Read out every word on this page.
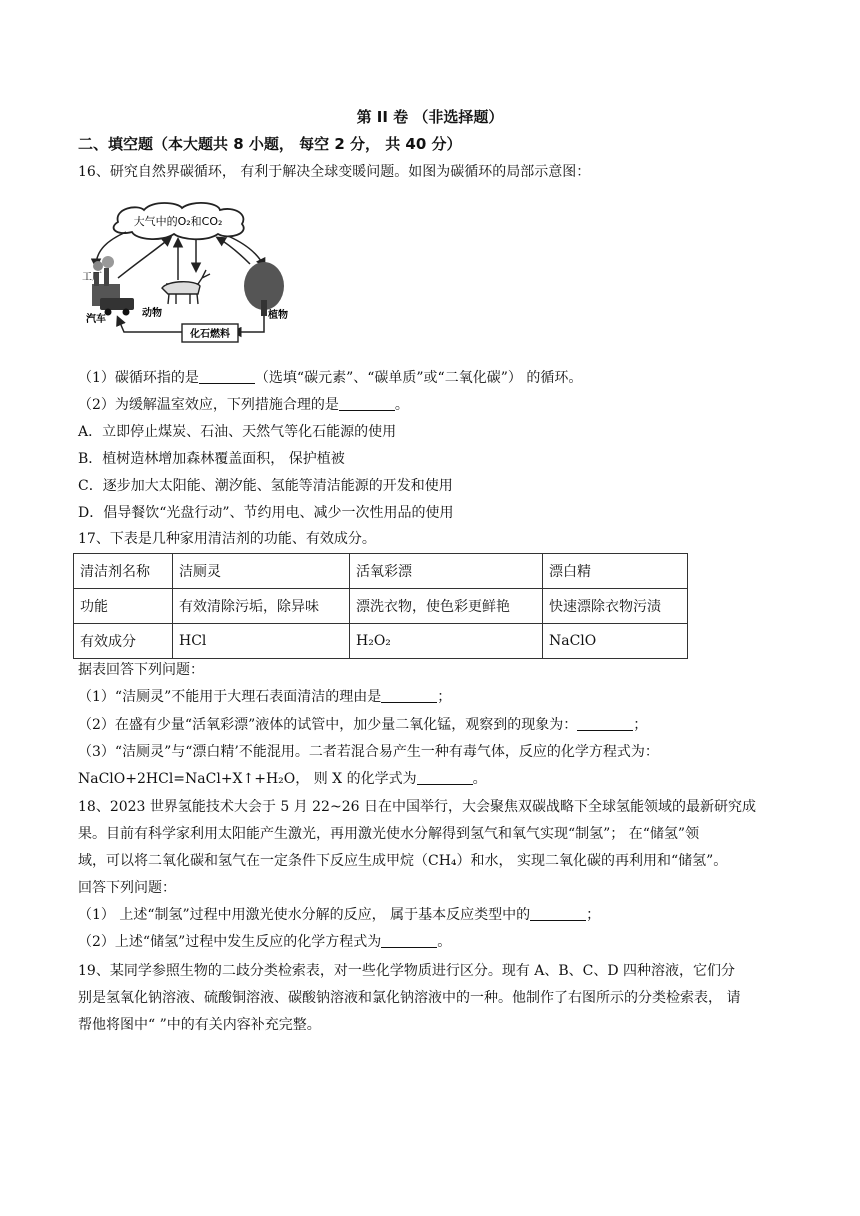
第 II 卷 （非选择题）
二、填空题（本大题共 8 小题， 每空 2 分， 共 40 分）
16、研究自然界碳循环， 有利于解决全球变暖问题。如图为碳循环的局部示意图：
大气中的O₂和CO₂
工厂
汽车
动物	植物
化石燃料
（1）碳循环指的是	（选填“碳元素”、“碳单质”或“二氧化碳”） 的循环。
（2）为缓解温室效应，下列措施合理的是	。
A．立即停止煤炭、石油、天然气等化石能源的使用
B．植树造林增加森林覆盖面积， 保护植被
C．逐步加大太阳能、潮汐能、氢能等清洁能源的开发和使用
D．倡导餐饮“光盘行动”、节约用电、减少一次性用品的使用
17、下表是几种家用清洁剂的功能、有效成分。
清洁剂名称	洁厕灵	活氧彩漂	漂白精
功能	有效清除污垢，除异味	漂洗衣物，使色彩更鲜艳	快速漂除衣物污渍
有效成分	HCl	H₂O₂	NaClO
据表回答下列问题：
（1）“洁厕灵”不能用于大理石表面清洁的理由是	；
（2）在盛有少量“活氧彩漂”液体的试管中，加少量二氧化锰，观察到的现象为：	；
（3）“洁厕灵”与“漂白精’不能混用。二者若混合易产生一种有毒气体，反应的化学方程式为：
NaClO+2HCl=NaCl+X↑+H₂O， 则 X 的化学式为	。
18、2023 世界氢能技术大会于 5 月 22~26 日在中国举行，大会聚焦双碳战略下全球氢能领域的最新研究成
果。目前有科学家利用太阳能产生激光，再用激光使水分解得到氢气和氧气实现“制氢”； 在“储氢”领
域，可以将二氧化碳和氢气在一定条件下反应生成甲烷（CH₄）和水， 实现二氧化碳的再利用和“储氢”。
回答下列问题：
（1） 上述“制氢”过程中用激光使水分解的反应， 属于基本反应类型中的	；
（2）上述“储氢”过程中发生反应的化学方程式为	。
19、某同学参照生物的二歧分类检索表，对一些化学物质进行区分。现有 A、B、C、D 四种溶液，它们分
别是氢氧化钠溶液、硫酸铜溶液、碳酸钠溶液和氯化钠溶液中的一种。他制作了右图所示的分类检索表， 请
帮他将图中“ ”中的有关内容补充完整。
